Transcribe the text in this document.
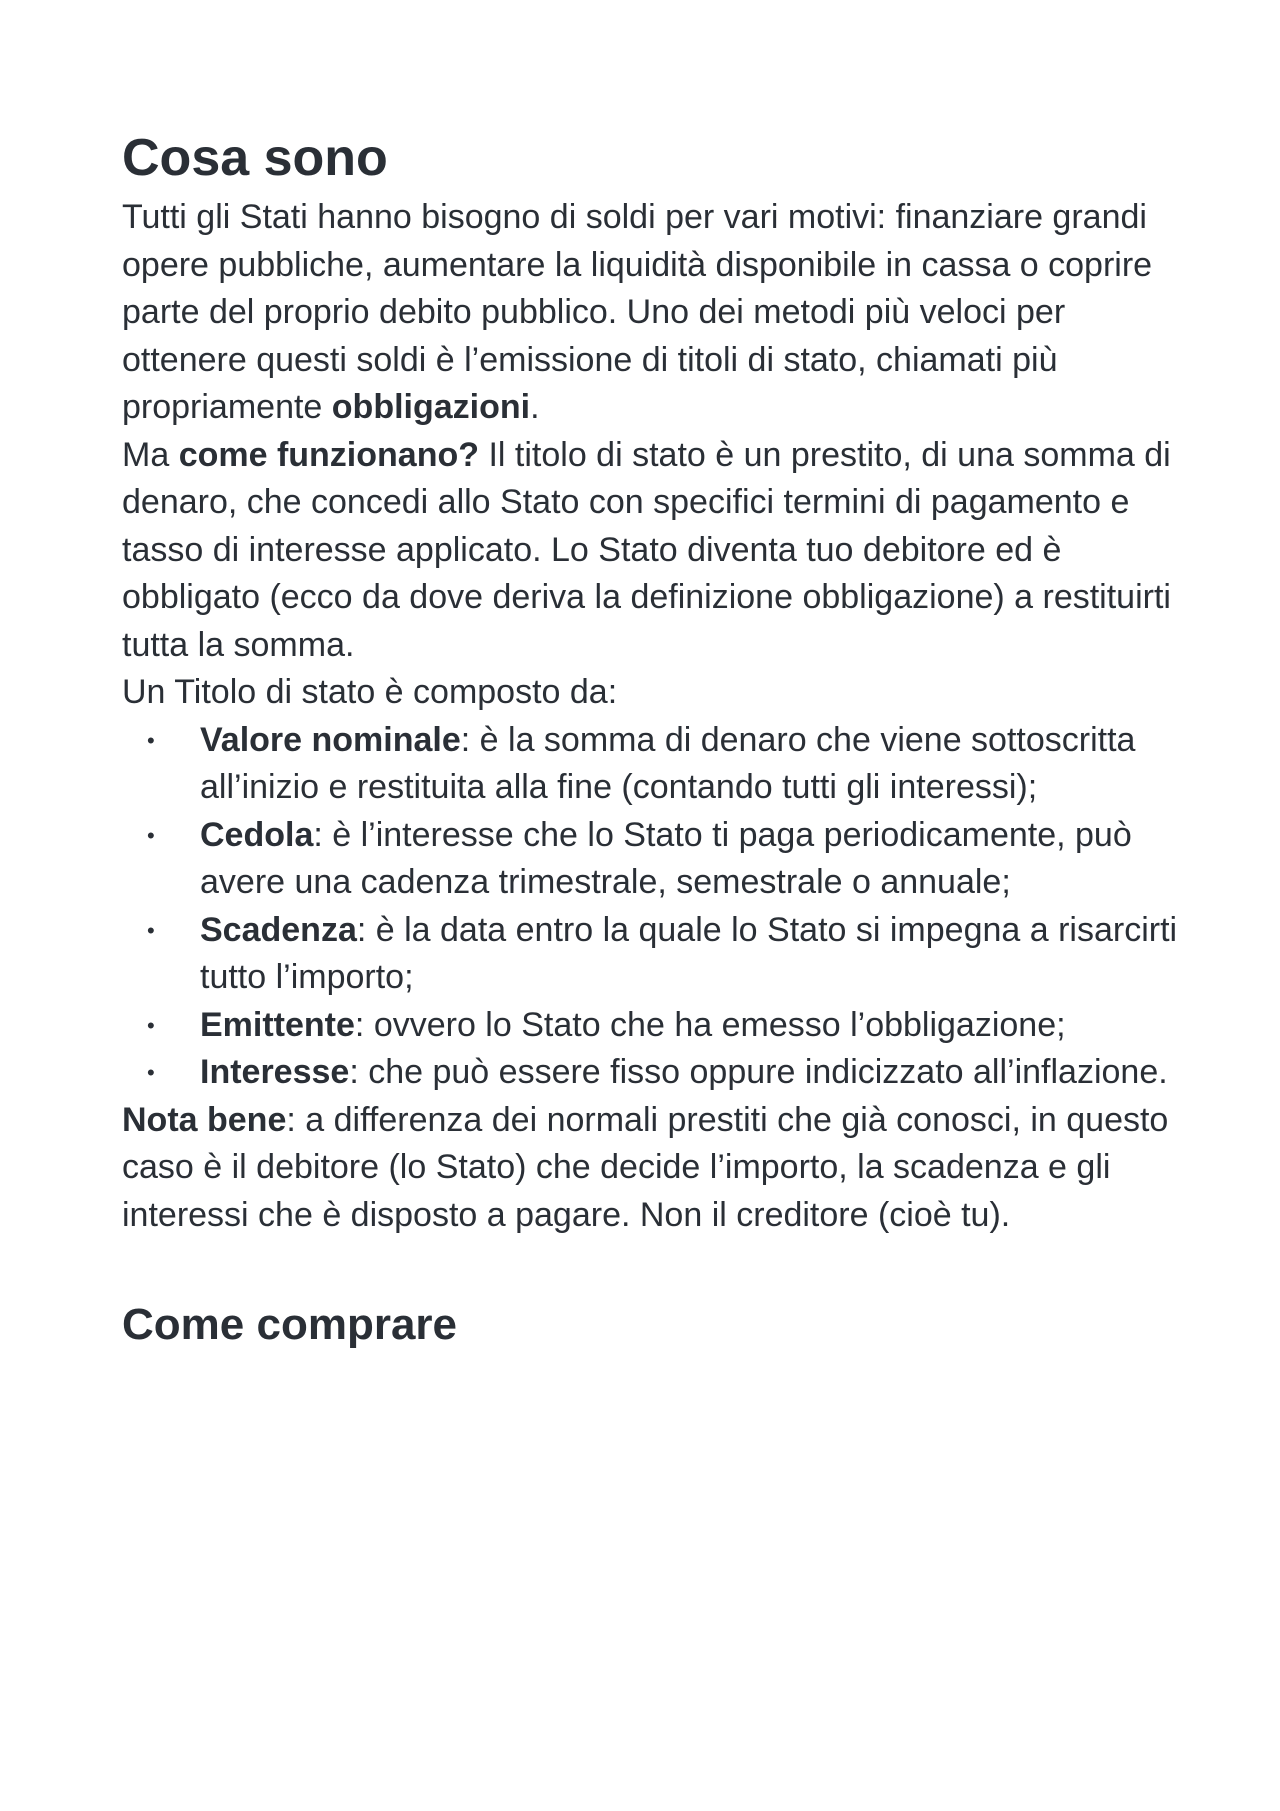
Cosa sono

Tutti gli Stati hanno bisogno di soldi per vari motivi: finanziare grandi opere pubbliche, aumentare la liquidità disponibile in cassa o coprire parte del proprio debito pubblico. Uno dei metodi più veloci per ottenere questi soldi è l’emissione di titoli di stato, chiamati più propriamente obbligazioni.

Ma come funzionano? Il titolo di stato è un prestito, di una somma di denaro, che concedi allo Stato con specifici termini di pagamento e tasso di interesse applicato. Lo Stato diventa tuo debitore ed è obbligato (ecco da dove deriva la definizione obbligazione) a restituirti tutta la somma.

Un Titolo di stato è composto da:

• Valore nominale: è la somma di denaro che viene sottoscritta all’inizio e restituita alla fine (contando tutti gli interessi);
• Cedola: è l’interesse che lo Stato ti paga periodicamente, può avere una cadenza trimestrale, semestrale o annuale;
• Scadenza: è la data entro la quale lo Stato si impegna a risarcirti tutto l’importo;
• Emittente: ovvero lo Stato che ha emesso l’obbligazione;
• Interesse: che può essere fisso oppure indicizzato all’inflazione.

Nota bene: a differenza dei normali prestiti che già conosci, in questo caso è il debitore (lo Stato) che decide l’importo, la scadenza e gli interessi che è disposto a pagare. Non il creditore (cioè tu).

Come comprare
